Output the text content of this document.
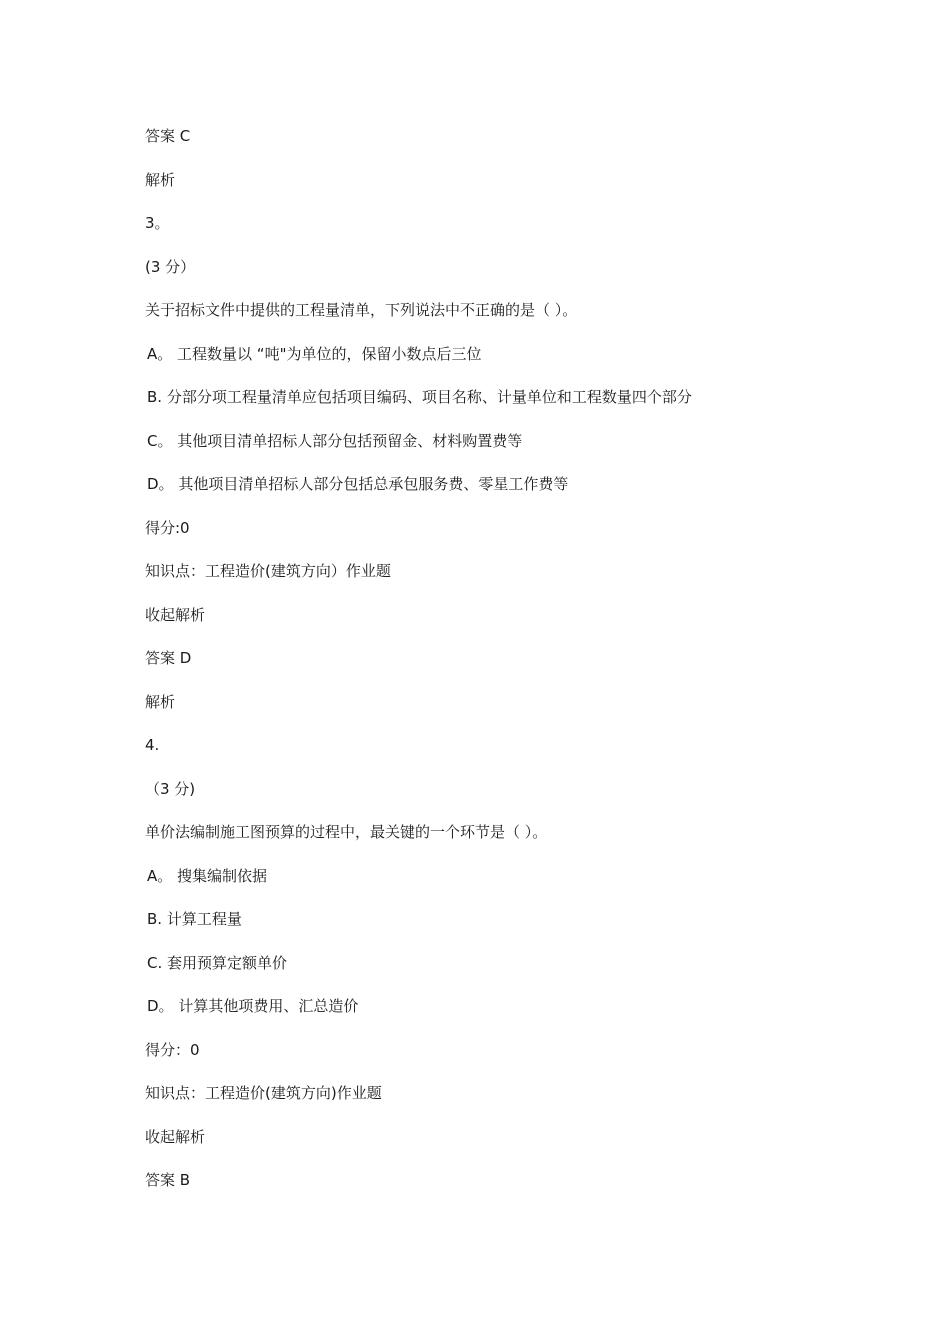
答案 C
解析
3。
(3 分）
关于招标文件中提供的工程量清单，下列说法中不正确的是（ ）。
A。 工程数量以 “吨"为单位的，保留小数点后三位
B. 分部分项工程量清单应包括项目编码、项目名称、计量单位和工程数量四个部分
C。 其他项目清单招标人部分包括预留金、材料购置费等
D。 其他项目清单招标人部分包括总承包服务费、零星工作费等
得分:0
知识点：工程造价(建筑方向）作业题
收起解析
答案 D
解析
4.
（3 分)
单价法编制施工图预算的过程中，最关键的一个环节是（ ）。
A。 搜集编制依据
B. 计算工程量
C. 套用预算定额单价
D。 计算其他项费用、汇总造价
得分：0
知识点：工程造价(建筑方向)作业题
收起解析
答案 B
